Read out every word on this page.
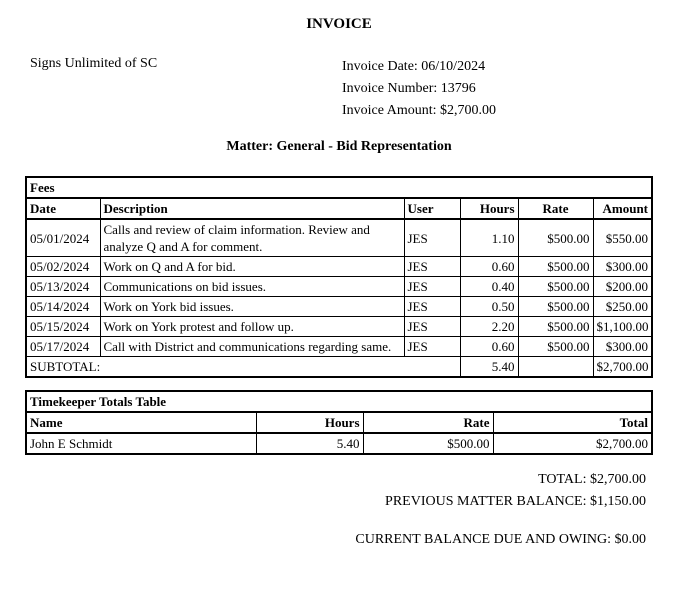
INVOICE
Signs Unlimited of SC	Invoice Date: 06/10/2024
Invoice Number: 13796
Invoice Amount: $2,700.00
Matter: General - Bid Representation
Fees					
Date	Description	User	Hours	Rate	Amount
05/01/2024	Calls and review of claim information. Review and analyze Q and A for comment.	JES	1.10	$500.00	$550.00
05/02/2024	Work on Q and A for bid.	JES	0.60	$500.00	$300.00
05/13/2024	Communications on bid issues.	JES	0.40	$500.00	$200.00
05/14/2024	Work on York bid issues.	JES	0.50	$500.00	$250.00
05/15/2024	Work on York protest and follow up.	JES	2.20	$500.00	$1,100.00
05/17/2024	Call with District and communications regarding same.	JES	0.60	$500.00	$300.00
SUBTOTAL:			5.40		$2,700.00
Timekeeper Totals Table			
Name	Hours	Rate	Total
John E Schmidt	5.40	$500.00	$2,700.00
TOTAL: $2,700.00
PREVIOUS MATTER BALANCE: $1,150.00
CURRENT BALANCE DUE AND OWING: $0.00
